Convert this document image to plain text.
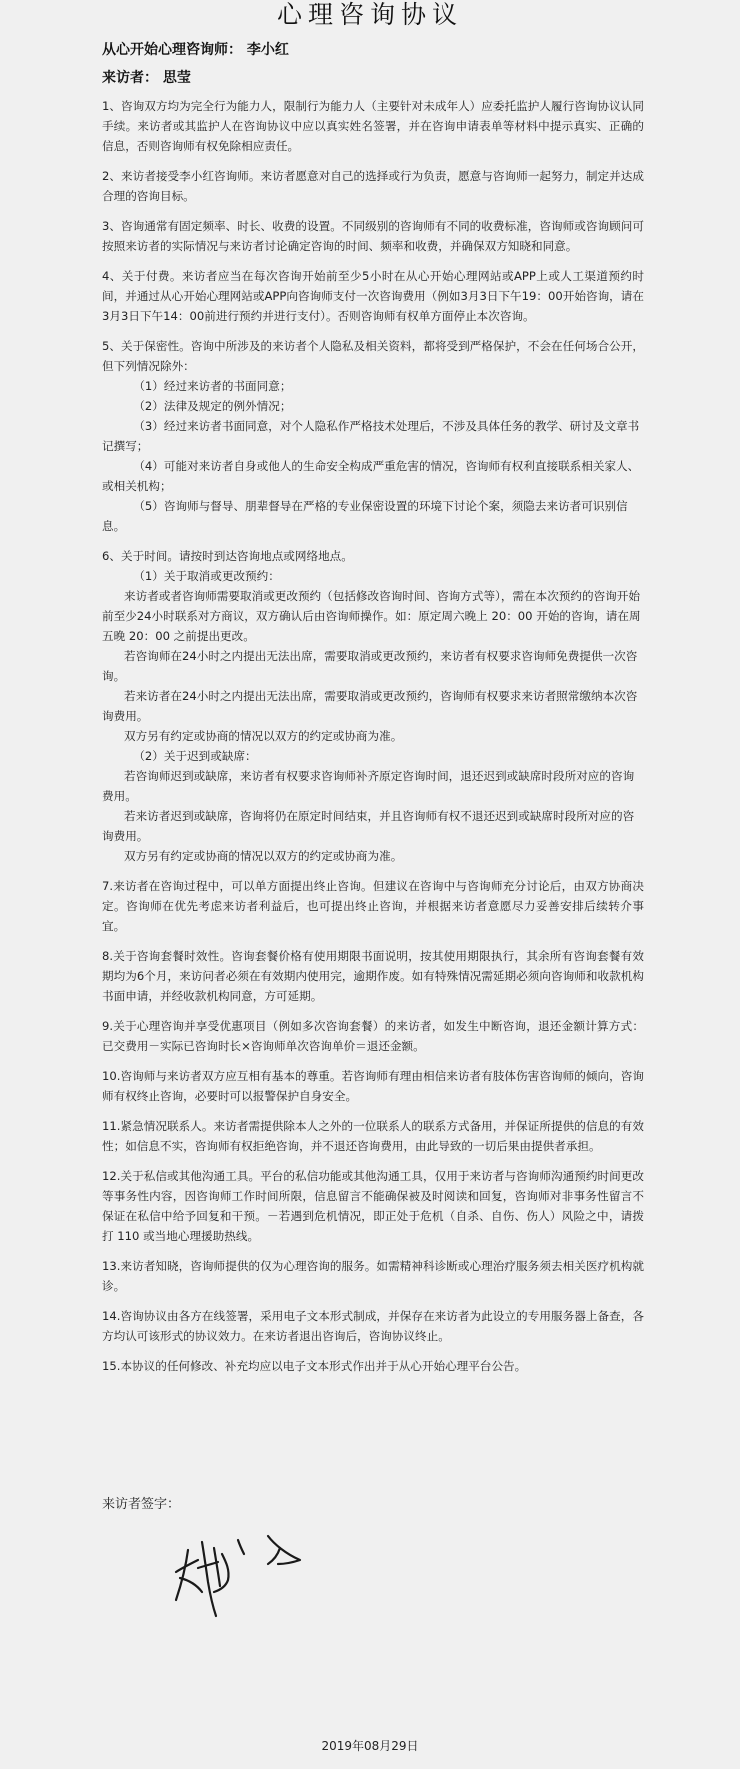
心理咨询协议
从心开始心理咨询师： 李小红
来访者： 思莹

1、咨询双方均为完全行为能力人，限制行为能力人（主要针对未成年人）应委托监护人履行咨询协议认同手续。来访者或其监护人在咨询协议中应以真实姓名签署，并在咨询申请表单等材料中提示真实、正确的信息，否则咨询师有权免除相应责任。

2、来访者接受李小红咨询师。来访者愿意对自己的选择或行为负责，愿意与咨询师一起努力，制定并达成合理的咨询目标。

3、咨询通常有固定频率、时长、收费的设置。不同级别的咨询师有不同的收费标准，咨询师或咨询顾问可按照来访者的实际情况与来访者讨论确定咨询的时间、频率和收费，并确保双方知晓和同意。

4、关于付费。来访者应当在每次咨询开始前至少5小时在从心开始心理网站或APP上或人工渠道预约时间，并通过从心开始心理网站或APP向咨询师支付一次咨询费用（例如3月3日下午19：00开始咨询，请在3月3日下午14：00前进行预约并进行支付）。否则咨询师有权单方面停止本次咨询。

5、关于保密性。咨询中所涉及的来访者个人隐私及相关资料，都将受到严格保护，不会在任何场合公开，但下列情况除外：

（1）经过来访者的书面同意；

（2）法律及规定的例外情况；

（3）经过来访者书面同意，对个人隐私作严格技术处理后，不涉及具体任务的教学、研讨及文章书记撰写；

（4）可能对来访者自身或他人的生命安全构成严重危害的情况，咨询师有权利直接联系相关家人、或相关机构；

（5）咨询师与督导、朋辈督导在严格的专业保密设置的环境下讨论个案，须隐去来访者可识别信息。

6、关于时间。请按时到达咨询地点或网络地点。

（1）关于取消或更改预约：

来访者或者咨询师需要取消或更改预约（包括修改咨询时间、咨询方式等），需在本次预约的咨询开始前至少24小时联系对方商议，双方确认后由咨询师操作。如：原定周六晚上 20：00 开始的咨询，请在周五晚 20：00 之前提出更改。

若咨询师在24小时之内提出无法出席，需要取消或更改预约，来访者有权要求咨询师免费提供一次咨询。

若来访者在24小时之内提出无法出席，需要取消或更改预约，咨询师有权要求来访者照常缴纳本次咨询费用。

双方另有约定或协商的情况以双方的约定或协商为准。

（2）关于迟到或缺席：

若咨询师迟到或缺席，来访者有权要求咨询师补齐原定咨询时间，退还迟到或缺席时段所对应的咨询费用。

若来访者迟到或缺席，咨询将仍在原定时间结束，并且咨询师有权不退还迟到或缺席时段所对应的咨询费用。

双方另有约定或协商的情况以双方的约定或协商为准。

7.来访者在咨询过程中，可以单方面提出终止咨询。但建议在咨询中与咨询师充分讨论后，由双方协商决定。咨询师在优先考虑来访者利益后，也可提出终止咨询，并根据来访者意愿尽力妥善安排后续转介事宜。

8.关于咨询套餐时效性。咨询套餐价格有使用期限书面说明，按其使用期限执行，其余所有咨询套餐有效期均为6个月，来访问者必须在有效期内使用完，逾期作废。如有特殊情况需延期必须向咨询师和收款机构书面申请，并经收款机构同意，方可延期。

9.关于心理咨询并享受优惠项目（例如多次咨询套餐）的来访者，如发生中断咨询，退还金额计算方式：已交费用－实际已咨询时长×咨询师单次咨询单价＝退还金额。

10.咨询师与来访者双方应互相有基本的尊重。若咨询师有理由相信来访者有肢体伤害咨询师的倾向，咨询师有权终止咨询，必要时可以报警保护自身安全。

11.紧急情况联系人。来访者需提供除本人之外的一位联系人的联系方式备用，并保证所提供的信息的有效性；如信息不实，咨询师有权拒绝咨询，并不退还咨询费用，由此导致的一切后果由提供者承担。

12.关于私信或其他沟通工具。平台的私信功能或其他沟通工具，仅用于来访者与咨询师沟通预约时间更改等事务性内容，因咨询师工作时间所限，信息留言不能确保被及时阅读和回复，咨询师对非事务性留言不保证在私信中给予回复和干预。－若遇到危机情况，即正处于危机（自杀、自伤、伤人）风险之中，请拨打 110 或当地心理援助热线。

13.来访者知晓，咨询师提供的仅为心理咨询的服务。如需精神科诊断或心理治疗服务须去相关医疗机构就诊。

14.咨询协议由各方在线签署，采用电子文本形式制成，并保存在来访者为此设立的专用服务器上备查，各方均认可该形式的协议效力。在来访者退出咨询后，咨询协议终止。

15.本协议的任何修改、补充均应以电子文本形式作出并于从心开始心理平台公告。

来访者签字：
2019年08月29日
